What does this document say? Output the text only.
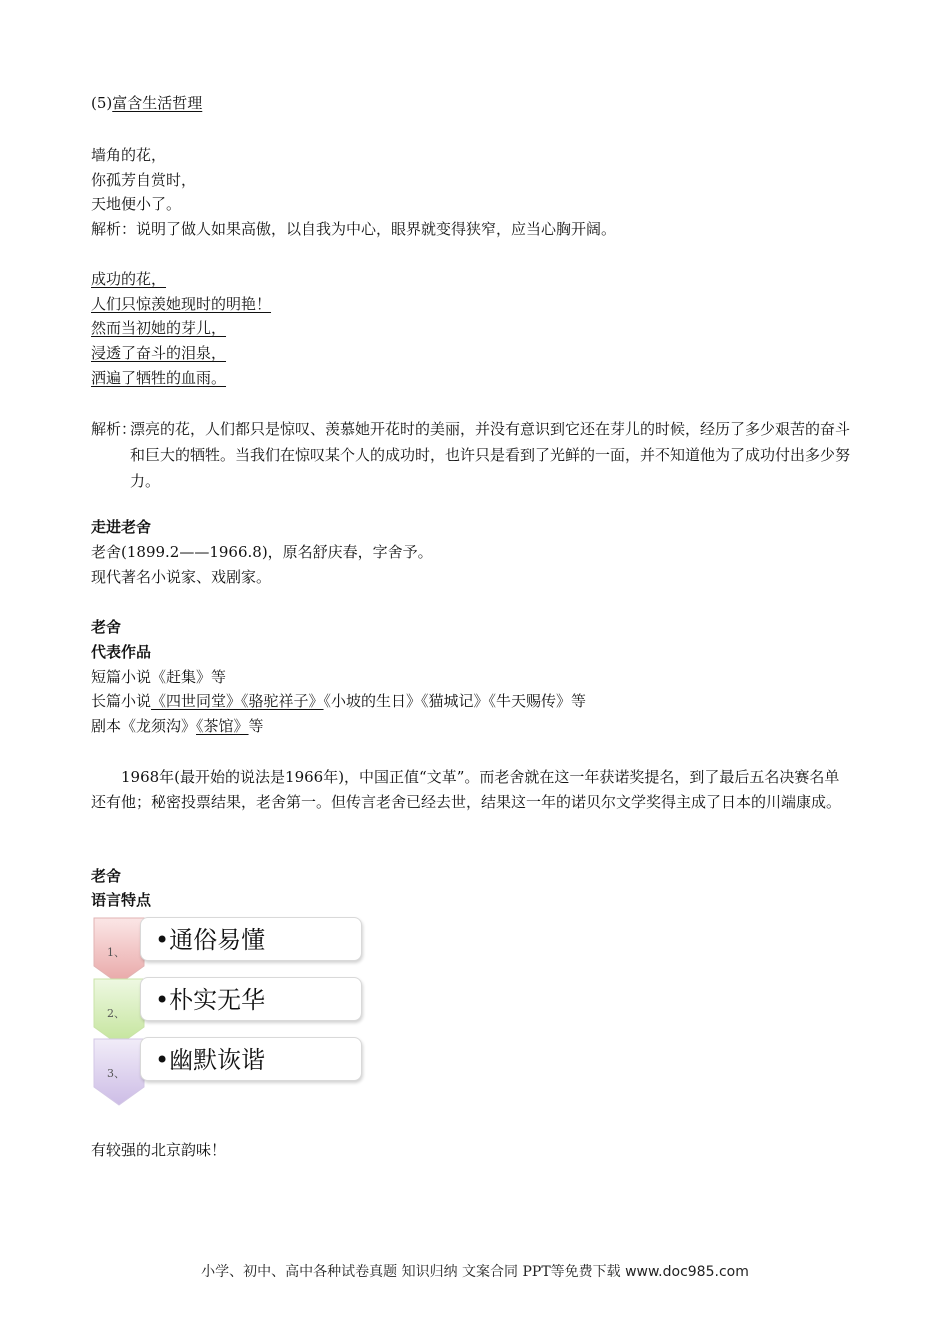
(5)富含生活哲理
墙角的花，
你孤芳自赏时，
天地便小了。
解析：说明了做人如果高傲，以自我为中心，眼界就变得狭窄，应当心胸开阔。
成功的花，
人们只惊羡她现时的明艳！
然而当初她的芽儿，
浸透了奋斗的泪泉，
洒遍了牺牲的血雨。
解析：
漂亮的花，人们都只是惊叹、羡慕她开花时的美丽，并没有意识到它还在芽儿的时候，经历了多少艰苦的奋斗和巨大的牺牲。当我们在惊叹某个人的成功时，也许只是看到了光鲜的一面，并不知道他为了成功付出多少努力。
走进老舍
老舍(1899.2——1966.8)，原名舒庆春，字舍予。
现代著名小说家、戏剧家。
老舍
代表作品
短篇小说《赶集》等
长篇小说《四世同堂》《骆驼祥子》《小坡的生日》《猫城记》《牛天赐传》等
剧本《龙须沟》《茶馆》等
1968年(最开始的说法是1966年)，中国正值“文革”。而老舍就在这一年获诺奖提名，到了最后五名决赛名单还有他；秘密投票结果，老舍第一。但传言老舍已经去世，结果这一年的诺贝尔文学奖得主成了日本的川端康成。
老舍
语言特点
1、	•通俗易懂
2、	•朴实无华
3、	•幽默诙谐
有较强的北京韵味！
小学、初中、高中各种试卷真题 知识归纳 文案合同 PPT等免费下载 www.doc985.com
